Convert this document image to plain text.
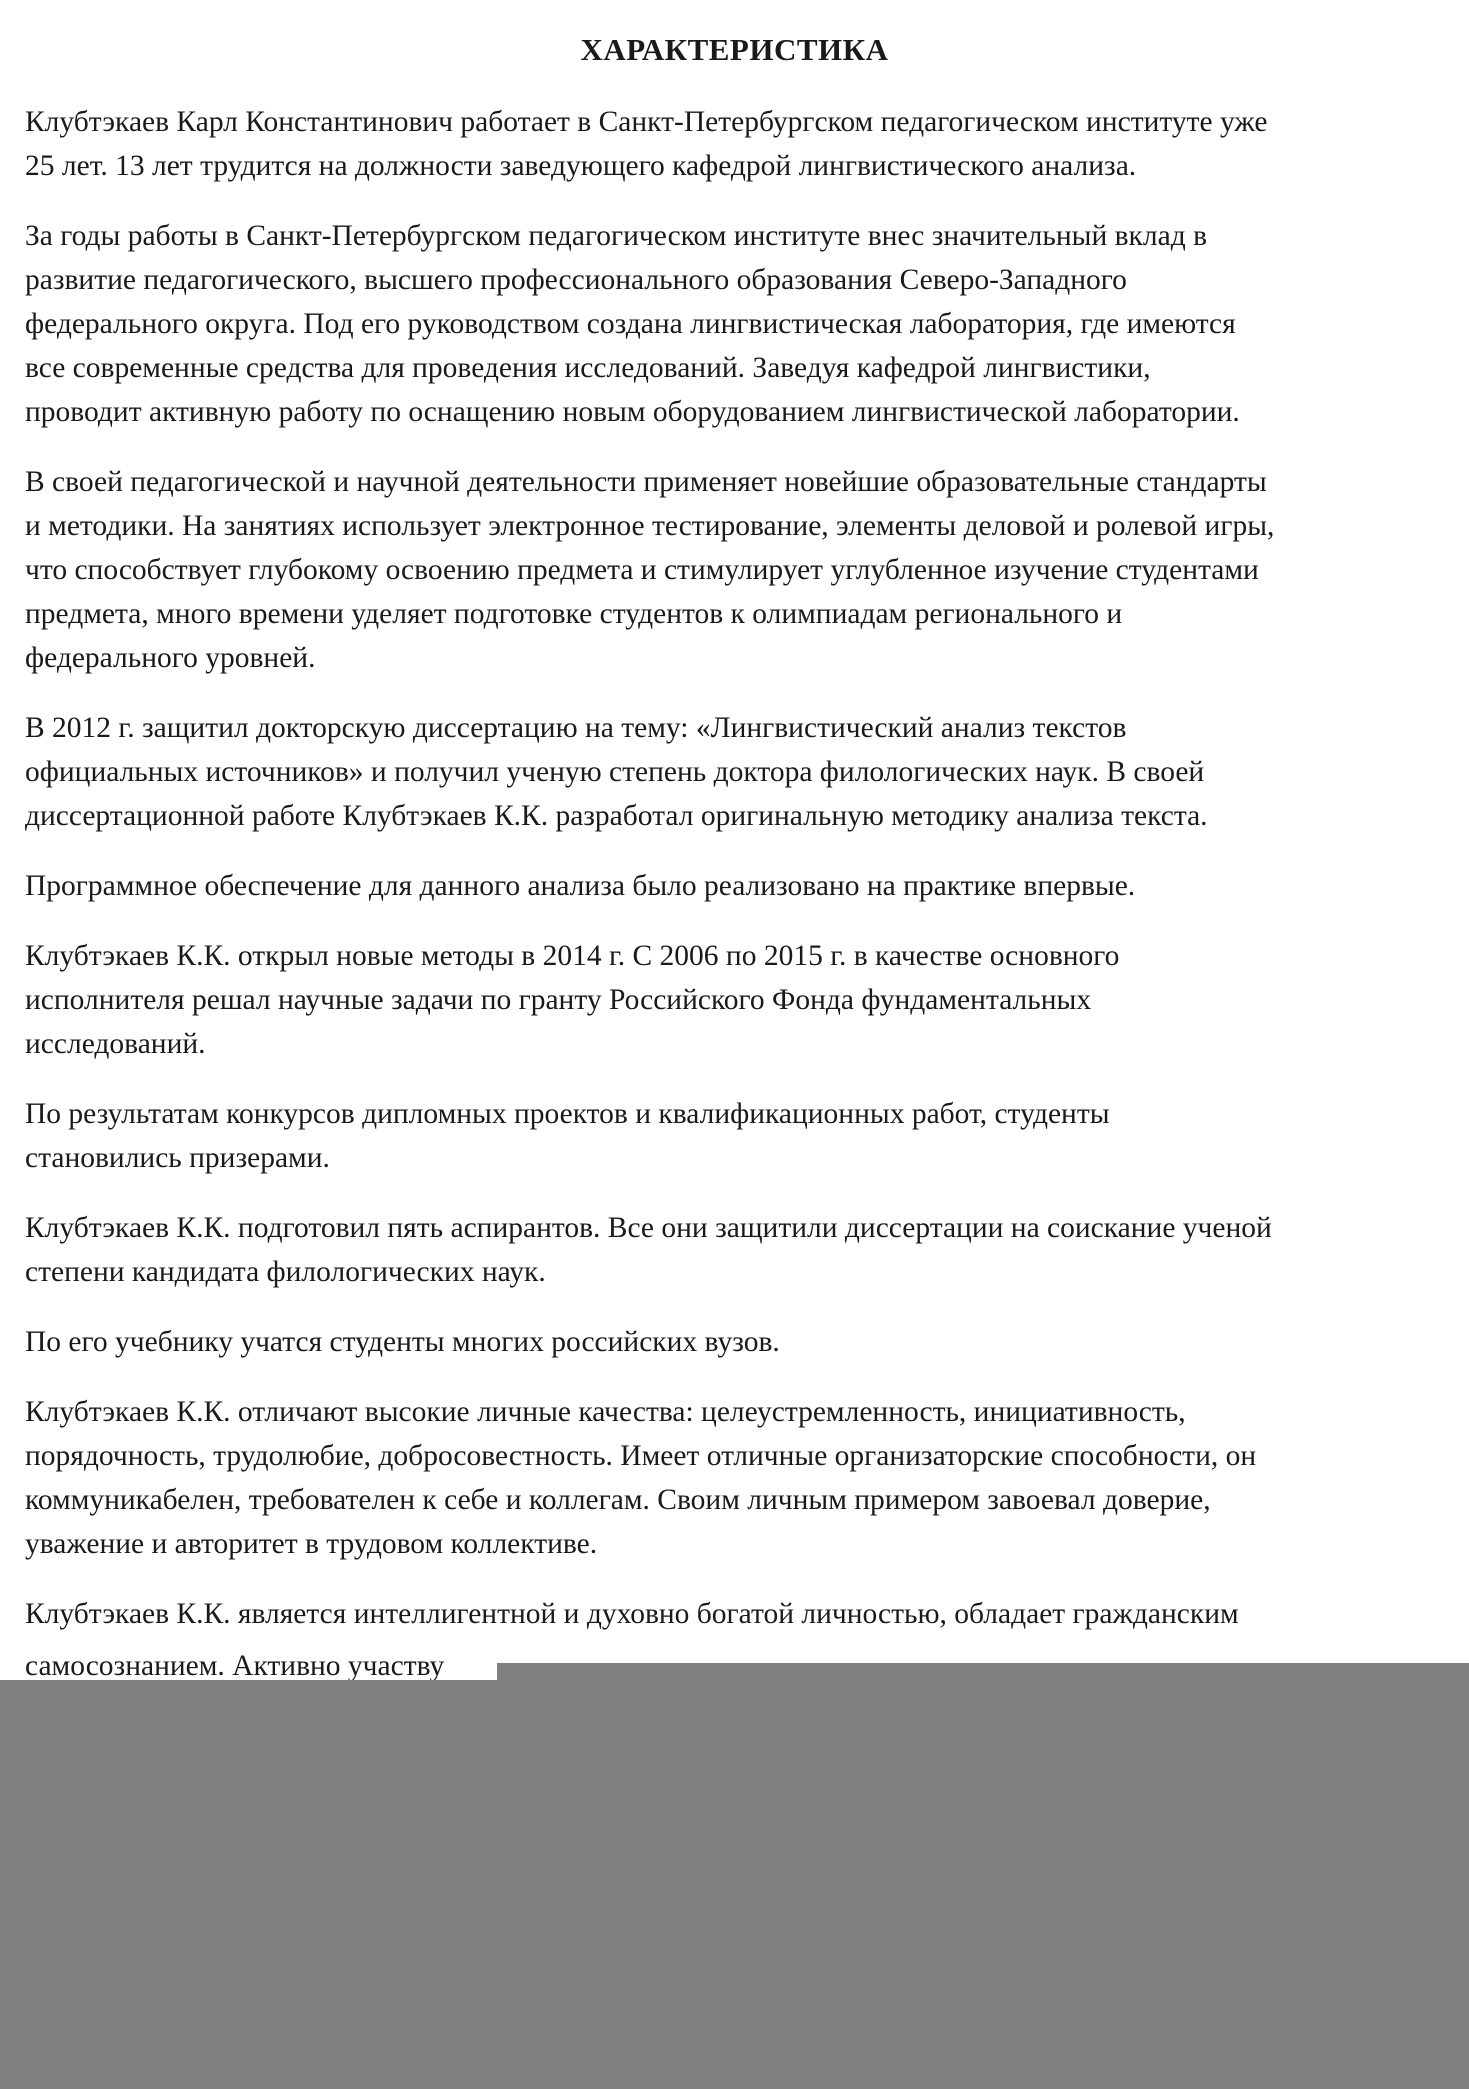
ХАРАКТЕРИСТИКА

Клубтэкаев Карл Константинович работает в Санкт-Петербургском педагогическом институте уже
25 лет. 13 лет трудится на должности заведующего кафедрой лингвистического анализа.

За годы работы в Санкт-Петербургском педагогическом институте внес значительный вклад в
развитие педагогического, высшего профессионального образования Северо-Западного
федерального округа. Под его руководством создана лингвистическая лаборатория, где имеются
все современные средства для проведения исследований. Заведуя кафедрой лингвистики,
проводит активную работу по оснащению новым оборудованием лингвистической лаборатории.

В своей педагогической и научной деятельности применяет новейшие образовательные стандарты
и методики. На занятиях использует электронное тестирование, элементы деловой и ролевой игры,
что способствует глубокому освоению предмета и стимулирует углубленное изучение студентами
предмета, много времени уделяет подготовке студентов к олимпиадам регионального и
федерального уровней.

В 2012 г. защитил докторскую диссертацию на тему: «Лингвистический анализ текстов
официальных источников» и получил ученую степень доктора филологических наук. В своей
диссертационной работе Клубтэкаев К.К. разработал оригинальную методику анализа текста.

Программное обеспечение для данного анализа было реализовано на практике впервые.

Клубтэкаев К.К. открыл новые методы в 2014 г. С 2006 по 2015 г. в качестве основного
исполнителя решал научные задачи по гранту Российского Фонда фундаментальных
исследований.

По результатам конкурсов дипломных проектов и квалификационных работ, студенты
становились призерами.

Клубтэкаев К.К. подготовил пять аспирантов. Все они защитили диссертации на соискание ученой
степени кандидата филологических наук.

По его учебнику учатся студенты многих российских вузов.

Клубтэкаев К.К. отличают высокие личные качества: целеустремленность, инициативность,
порядочность, трудолюбие, добросовестность. Имеет отличные организаторские способности, он
коммуникабелен, требователен к себе и коллегам. Своим личным примером завоевал доверие,
уважение и авторитет в трудовом коллективе.

Клубтэкаев К.К. является интеллигентной и духовно богатой личностью, обладает гражданским

самосознанием. Активно участву
